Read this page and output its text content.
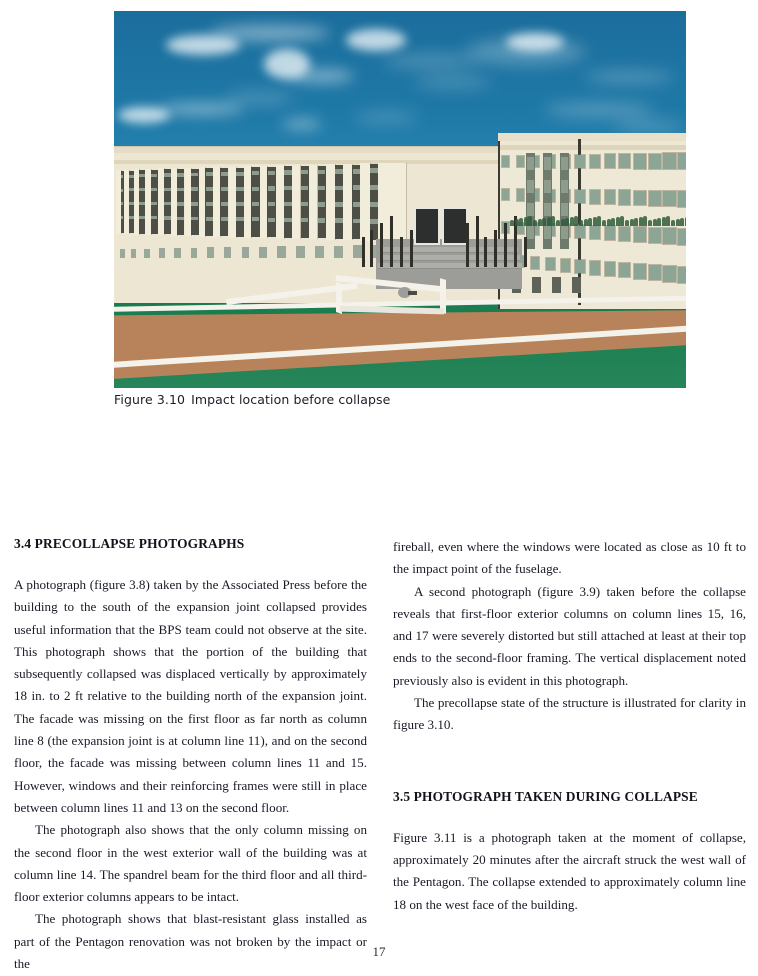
Figure 3.10 Impact location before collapse
3.4 PRECOLLAPSE PHOTOGRAPHS

A photograph (figure 3.8) taken by the Associated Press before the building to the south of the expansion joint collapsed provides useful information that the BPS team could not observe at the site. This photograph shows that the portion of the building that subsequently collapsed was displaced vertically by approximately 18 in. to 2 ft relative to the building north of the expansion joint. The facade was missing on the first floor as far north as column line 8 (the expansion joint is at column line 11), and on the second floor, the facade was missing between column lines 11 and 15. However, windows and their reinforcing frames were still in place between column lines 11 and 13 on the second floor.

The photograph also shows that the only column missing on the second floor in the west exterior wall of the building was at column line 14. The spandrel beam for the third floor and all third-floor exterior columns appears to be intact.

The photograph shows that blast-resistant glass installed as part of the Pentagon renovation was not broken by the impact or the

fireball, even where the windows were located as close as 10 ft to the impact point of the fuselage.

A second photograph (figure 3.9) taken before the collapse reveals that first-floor exterior columns on column lines 15, 16, and 17 were severely distorted but still attached at least at their top ends to the second-floor framing. The vertical displacement noted previously also is evident in this photograph.

The precollapse state of the structure is illustrated for clarity in figure 3.10.

3.5 PHOTOGRAPH TAKEN DURING COLLAPSE

Figure 3.11 is a photograph taken at the moment of collapse, approximately 20 minutes after the aircraft struck the west wall of the Pentagon. The collapse extended to approximately column line 18 on the west face of the building.

17
